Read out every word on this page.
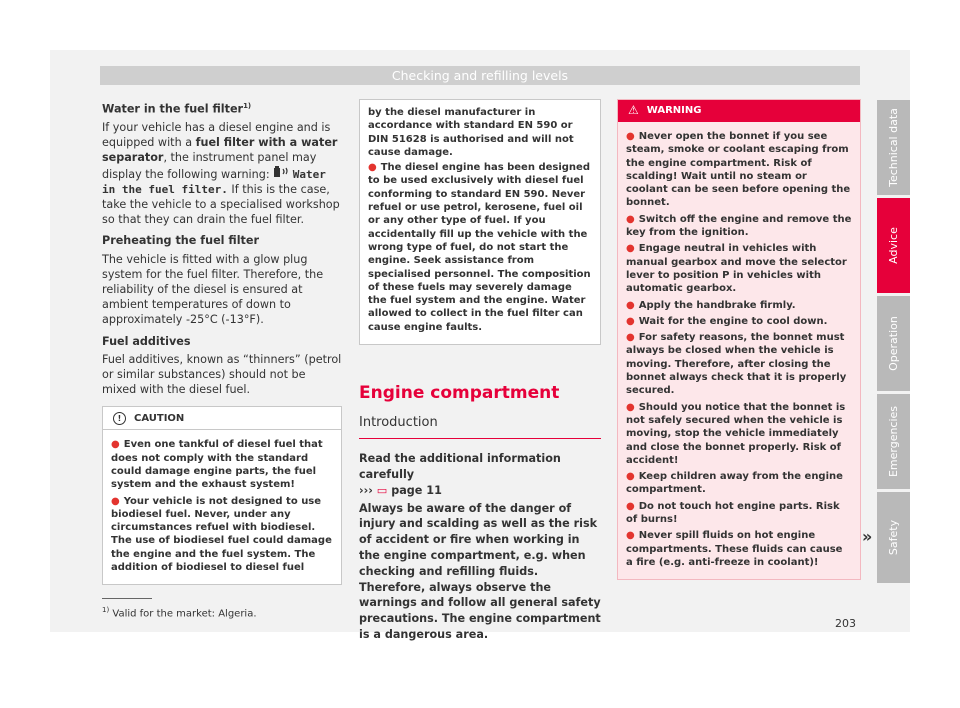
Checking and refilling levels

Water in the fuel filter$^{1)}$

If your vehicle has a diesel engine and is equipped with a fuel filter with a water separator, the instrument panel may display the following warning:  Water in the fuel filter. If this is the case, take the vehicle to a specialised workshop so that they can drain the fuel filter.

Preheating the fuel filter

The vehicle is fitted with a glow plug system for the fuel filter. Therefore, the reliability of the diesel is ensured at ambient temperatures of down to approximately -25°C (-13°F).

Fuel additives

Fuel additives, known as “thinners” (petrol or similar substances) should not be mixed with the diesel fuel.

!	CAUTION
● Even one tankful of diesel fuel that does not comply with the standard could damage engine parts, the fuel system and the exhaust system!
● Your vehicle is not designed to use biodiesel fuel. Never, under any circumstances refuel with biodiesel. The use of biodiesel fuel could damage the engine and the fuel system. The addition of biodiesel to diesel fuel
by the diesel manufacturer in accordance with standard EN 590 or DIN 51628 is authorised and will not cause damage.
● The diesel engine has been designed to be used exclusively with diesel fuel conforming to standard EN 590. Never refuel or use petrol, kerosene, fuel oil or any other type of fuel. If you accidentally fill up the vehicle with the wrong type of fuel, do not start the engine. Seek assistance from specialised personnel. The composition of these fuels may severely damage the fuel system and the engine. Water allowed to collect in the fuel filter can cause engine faults.
Engine compartment
Introduction
Read the additional information carefully
››› ▭ page 11
Always be aware of the danger of injury and scalding as well as the risk of accident or fire when working in the engine compartment, e.g. when checking and refilling fluids. Therefore, always observe the warnings and follow all general safety precautions. The engine compartment is a dangerous area.
⚠ WARNING
● Never open the bonnet if you see steam, smoke or coolant escaping from the engine compartment. Risk of scalding! Wait until no steam or coolant can be seen before opening the bonnet.
● Switch off the engine and remove the key from the ignition.
● Engage neutral in vehicles with manual gearbox and move the selector lever to position P in vehicles with automatic gearbox.
● Apply the handbrake firmly.
● Wait for the engine to cool down.
● For safety reasons, the bonnet must always be closed when the vehicle is moving. Therefore, after closing the bonnet always check that it is properly secured.
● Should you notice that the bonnet is not safely secured when the vehicle is moving, stop the vehicle immediately and close the bonnet properly. Risk of accident!
● Keep children away from the engine compartment.
● Do not touch hot engine parts. Risk of burns!
● Never spill fluids on hot engine compartments. These fluids can cause a fire (e.g. anti-freeze in coolant)!
»
Technical data
Advice
Operation
Emergencies
Safety
$^{1)}$ Valid for the market: Algeria.
203
